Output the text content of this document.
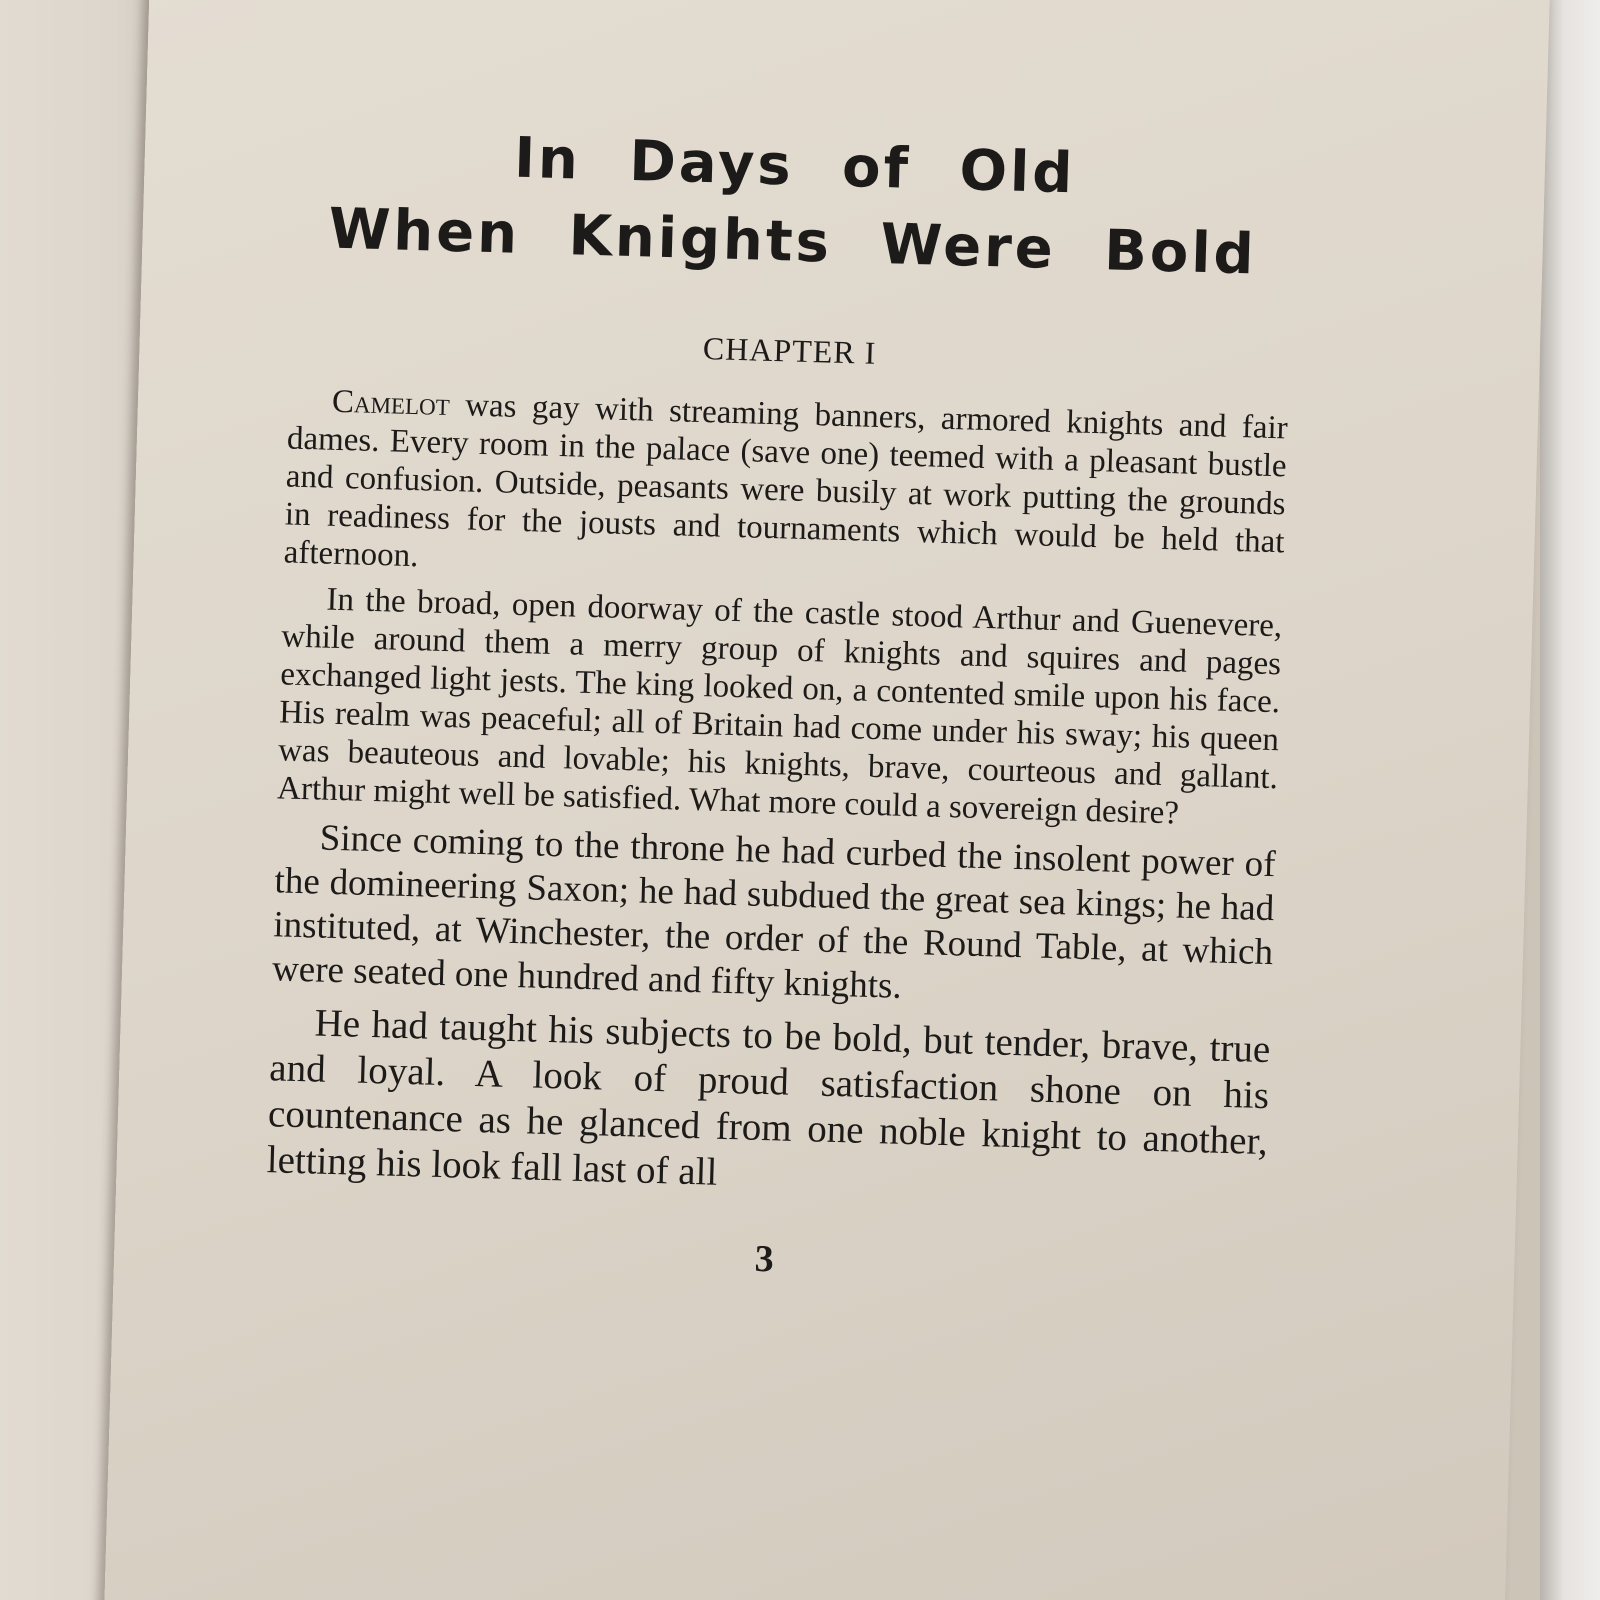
In Days of Old
When Knights Were Bold
CHAPTER I

Camelot was gay with streaming banners, armored knights and fair dames. Every room in the palace (save one) teemed with a pleasant bustle and confusion. Outside, peasants were busily at work putting the grounds in readiness for the jousts and tournaments which would be held that afternoon.

In the broad, open doorway of the castle stood Arthur and Guenevere, while around them a merry group of knights and squires and pages exchanged light jests. The king looked on, a contented smile upon his face. His realm was peaceful; all of Britain had come under his sway; his queen was beauteous and lovable; his knights, brave, courteous and gallant. Arthur might well be satisfied. What more could a sovereign desire?

Since coming to the throne he had curbed the insolent power of the domineering Saxon; he had subdued the great sea kings; he had instituted, at Winchester, the order of the Round Table, at which were seated one hundred and fifty knights.

He had taught his subjects to be bold, but tender, brave, true and loyal. A look of proud satisfaction shone on his countenance as he glanced from one noble knight to another, letting his look fall last of all

3
